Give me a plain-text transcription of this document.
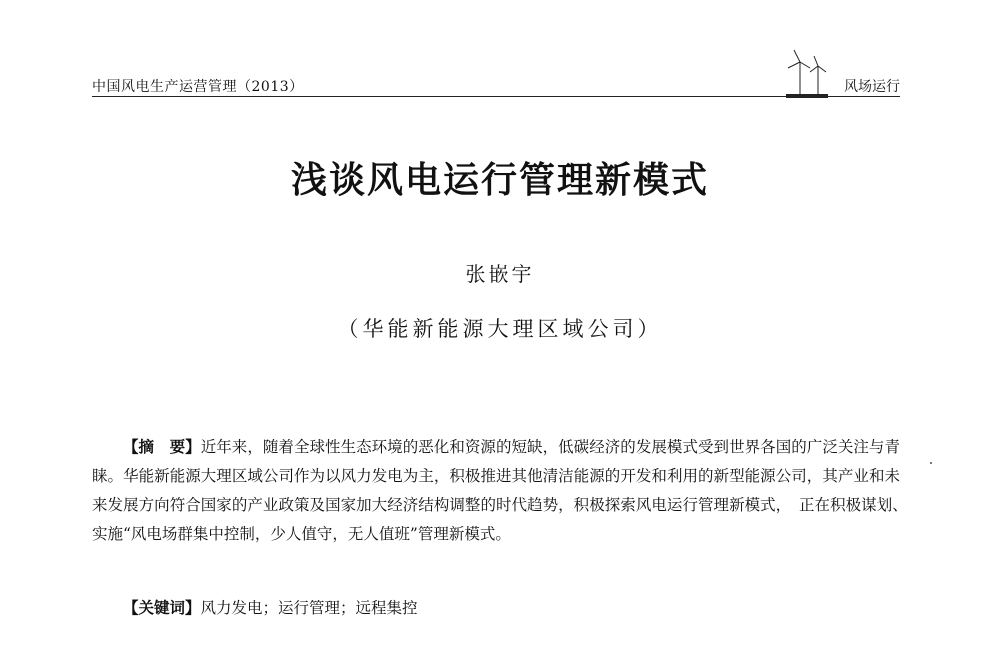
中国风电生产运营管理（2013）	风场运行
浅谈风电运行管理新模式
张嵌宇
（华能新能源大理区域公司）
【摘　要】近年来，随着全球性生态环境的恶化和资源的短缺，低碳经济的发展模式受到世界各国的广泛关注与青睐。华能新能源大理区域公司作为以风力发电为主，积极推进其他清洁能源的开发和利用的新型能源公司，其产业和未来发展方向符合国家的产业政策及国家加大经济结构调整的时代趋势，积极探索风电运行管理新模式，　正在积极谋划、　实施“风电场群集中控制，少人值守，无人值班”管理新模式。
【关键词】风力发电；运行管理；远程集控
